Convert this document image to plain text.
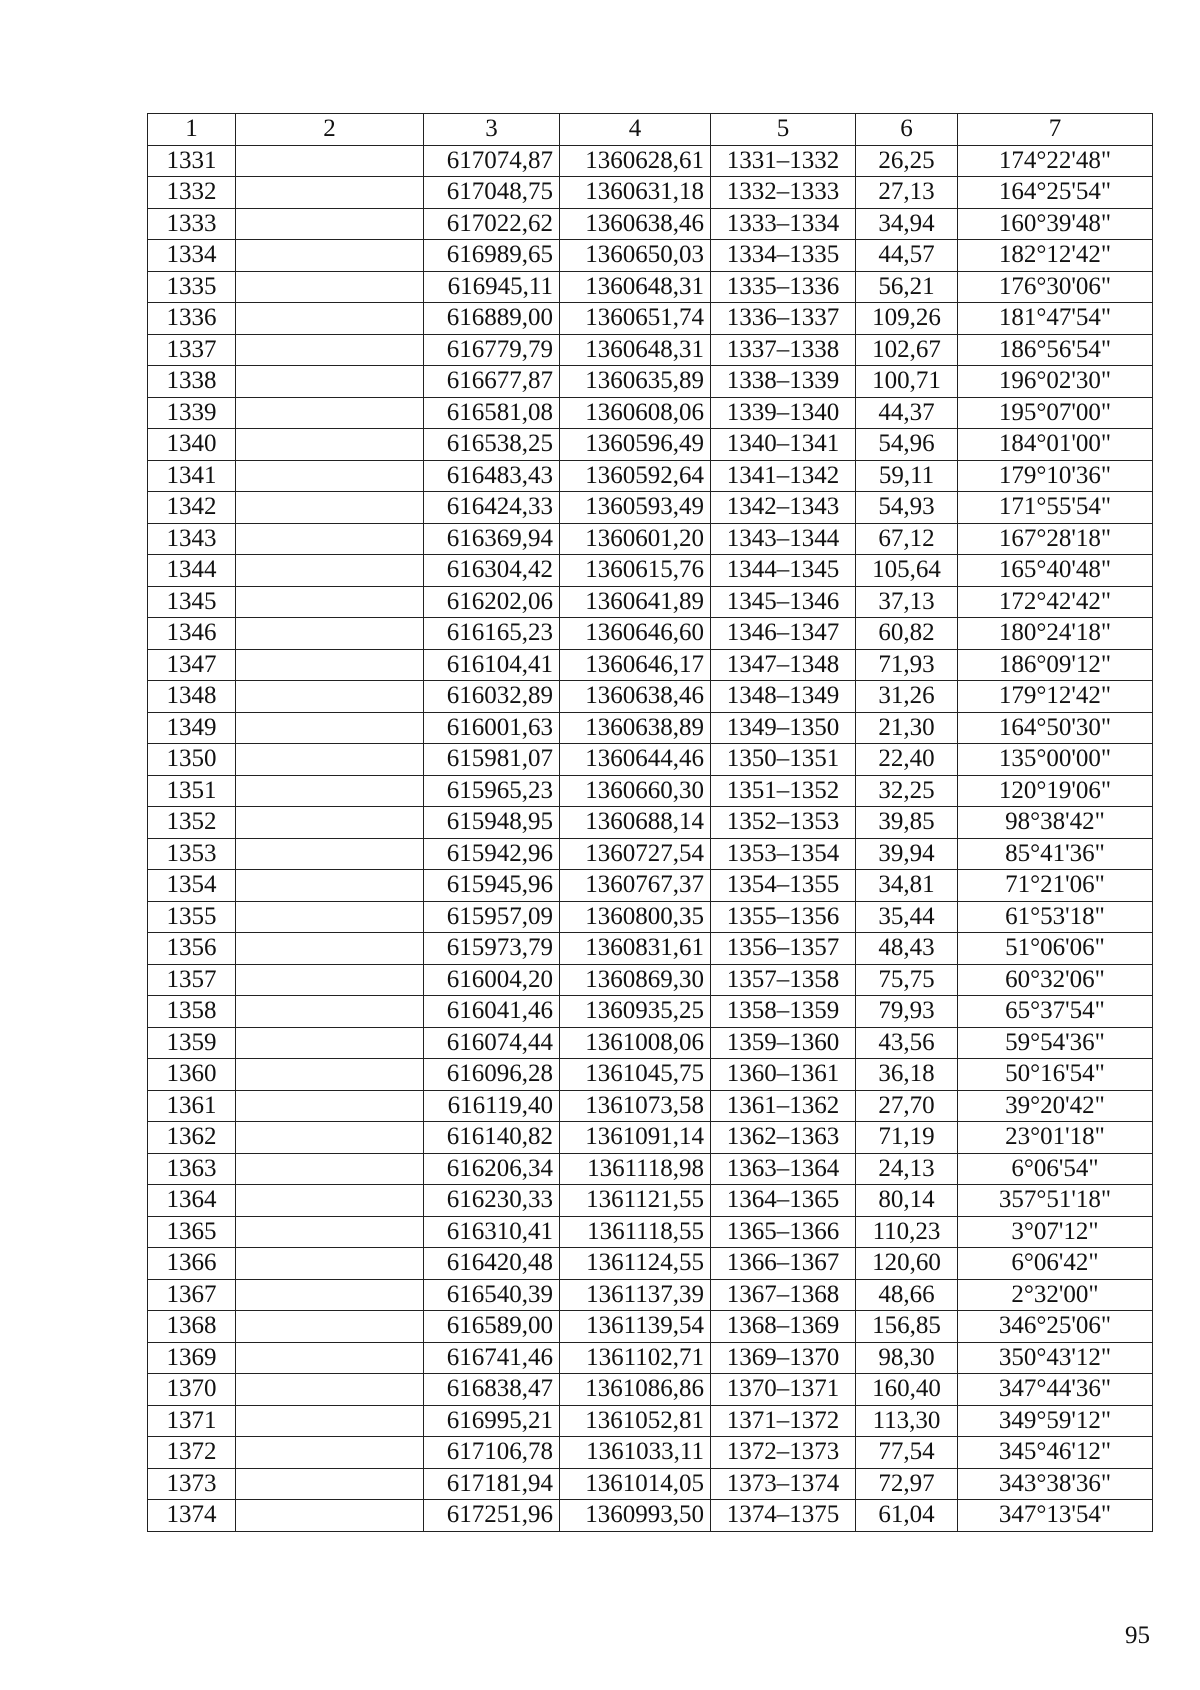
1	2	3	4	5	6	7
1331		617074,87	1360628,61	1331–1332	26,25	174°22'48"
1332		617048,75	1360631,18	1332–1333	27,13	164°25'54"
1333		617022,62	1360638,46	1333–1334	34,94	160°39'48"
1334		616989,65	1360650,03	1334–1335	44,57	182°12'42"
1335		616945,11	1360648,31	1335–1336	56,21	176°30'06"
1336		616889,00	1360651,74	1336–1337	109,26	181°47'54"
1337		616779,79	1360648,31	1337–1338	102,67	186°56'54"
1338		616677,87	1360635,89	1338–1339	100,71	196°02'30"
1339		616581,08	1360608,06	1339–1340	44,37	195°07'00"
1340		616538,25	1360596,49	1340–1341	54,96	184°01'00"
1341		616483,43	1360592,64	1341–1342	59,11	179°10'36"
1342		616424,33	1360593,49	1342–1343	54,93	171°55'54"
1343		616369,94	1360601,20	1343–1344	67,12	167°28'18"
1344		616304,42	1360615,76	1344–1345	105,64	165°40'48"
1345		616202,06	1360641,89	1345–1346	37,13	172°42'42"
1346		616165,23	1360646,60	1346–1347	60,82	180°24'18"
1347		616104,41	1360646,17	1347–1348	71,93	186°09'12"
1348		616032,89	1360638,46	1348–1349	31,26	179°12'42"
1349		616001,63	1360638,89	1349–1350	21,30	164°50'30"
1350		615981,07	1360644,46	1350–1351	22,40	135°00'00"
1351		615965,23	1360660,30	1351–1352	32,25	120°19'06"
1352		615948,95	1360688,14	1352–1353	39,85	98°38'42"
1353		615942,96	1360727,54	1353–1354	39,94	85°41'36"
1354		615945,96	1360767,37	1354–1355	34,81	71°21'06"
1355		615957,09	1360800,35	1355–1356	35,44	61°53'18"
1356		615973,79	1360831,61	1356–1357	48,43	51°06'06"
1357		616004,20	1360869,30	1357–1358	75,75	60°32'06"
1358		616041,46	1360935,25	1358–1359	79,93	65°37'54"
1359		616074,44	1361008,06	1359–1360	43,56	59°54'36"
1360		616096,28	1361045,75	1360–1361	36,18	50°16'54"
1361		616119,40	1361073,58	1361–1362	27,70	39°20'42"
1362		616140,82	1361091,14	1362–1363	71,19	23°01'18"
1363		616206,34	1361118,98	1363–1364	24,13	6°06'54"
1364		616230,33	1361121,55	1364–1365	80,14	357°51'18"
1365		616310,41	1361118,55	1365–1366	110,23	3°07'12"
1366		616420,48	1361124,55	1366–1367	120,60	6°06'42"
1367		616540,39	1361137,39	1367–1368	48,66	2°32'00"
1368		616589,00	1361139,54	1368–1369	156,85	346°25'06"
1369		616741,46	1361102,71	1369–1370	98,30	350°43'12"
1370		616838,47	1361086,86	1370–1371	160,40	347°44'36"
1371		616995,21	1361052,81	1371–1372	113,30	349°59'12"
1372		617106,78	1361033,11	1372–1373	77,54	345°46'12"
1373		617181,94	1361014,05	1373–1374	72,97	343°38'36"
1374		617251,96	1360993,50	1374–1375	61,04	347°13'54"
95
